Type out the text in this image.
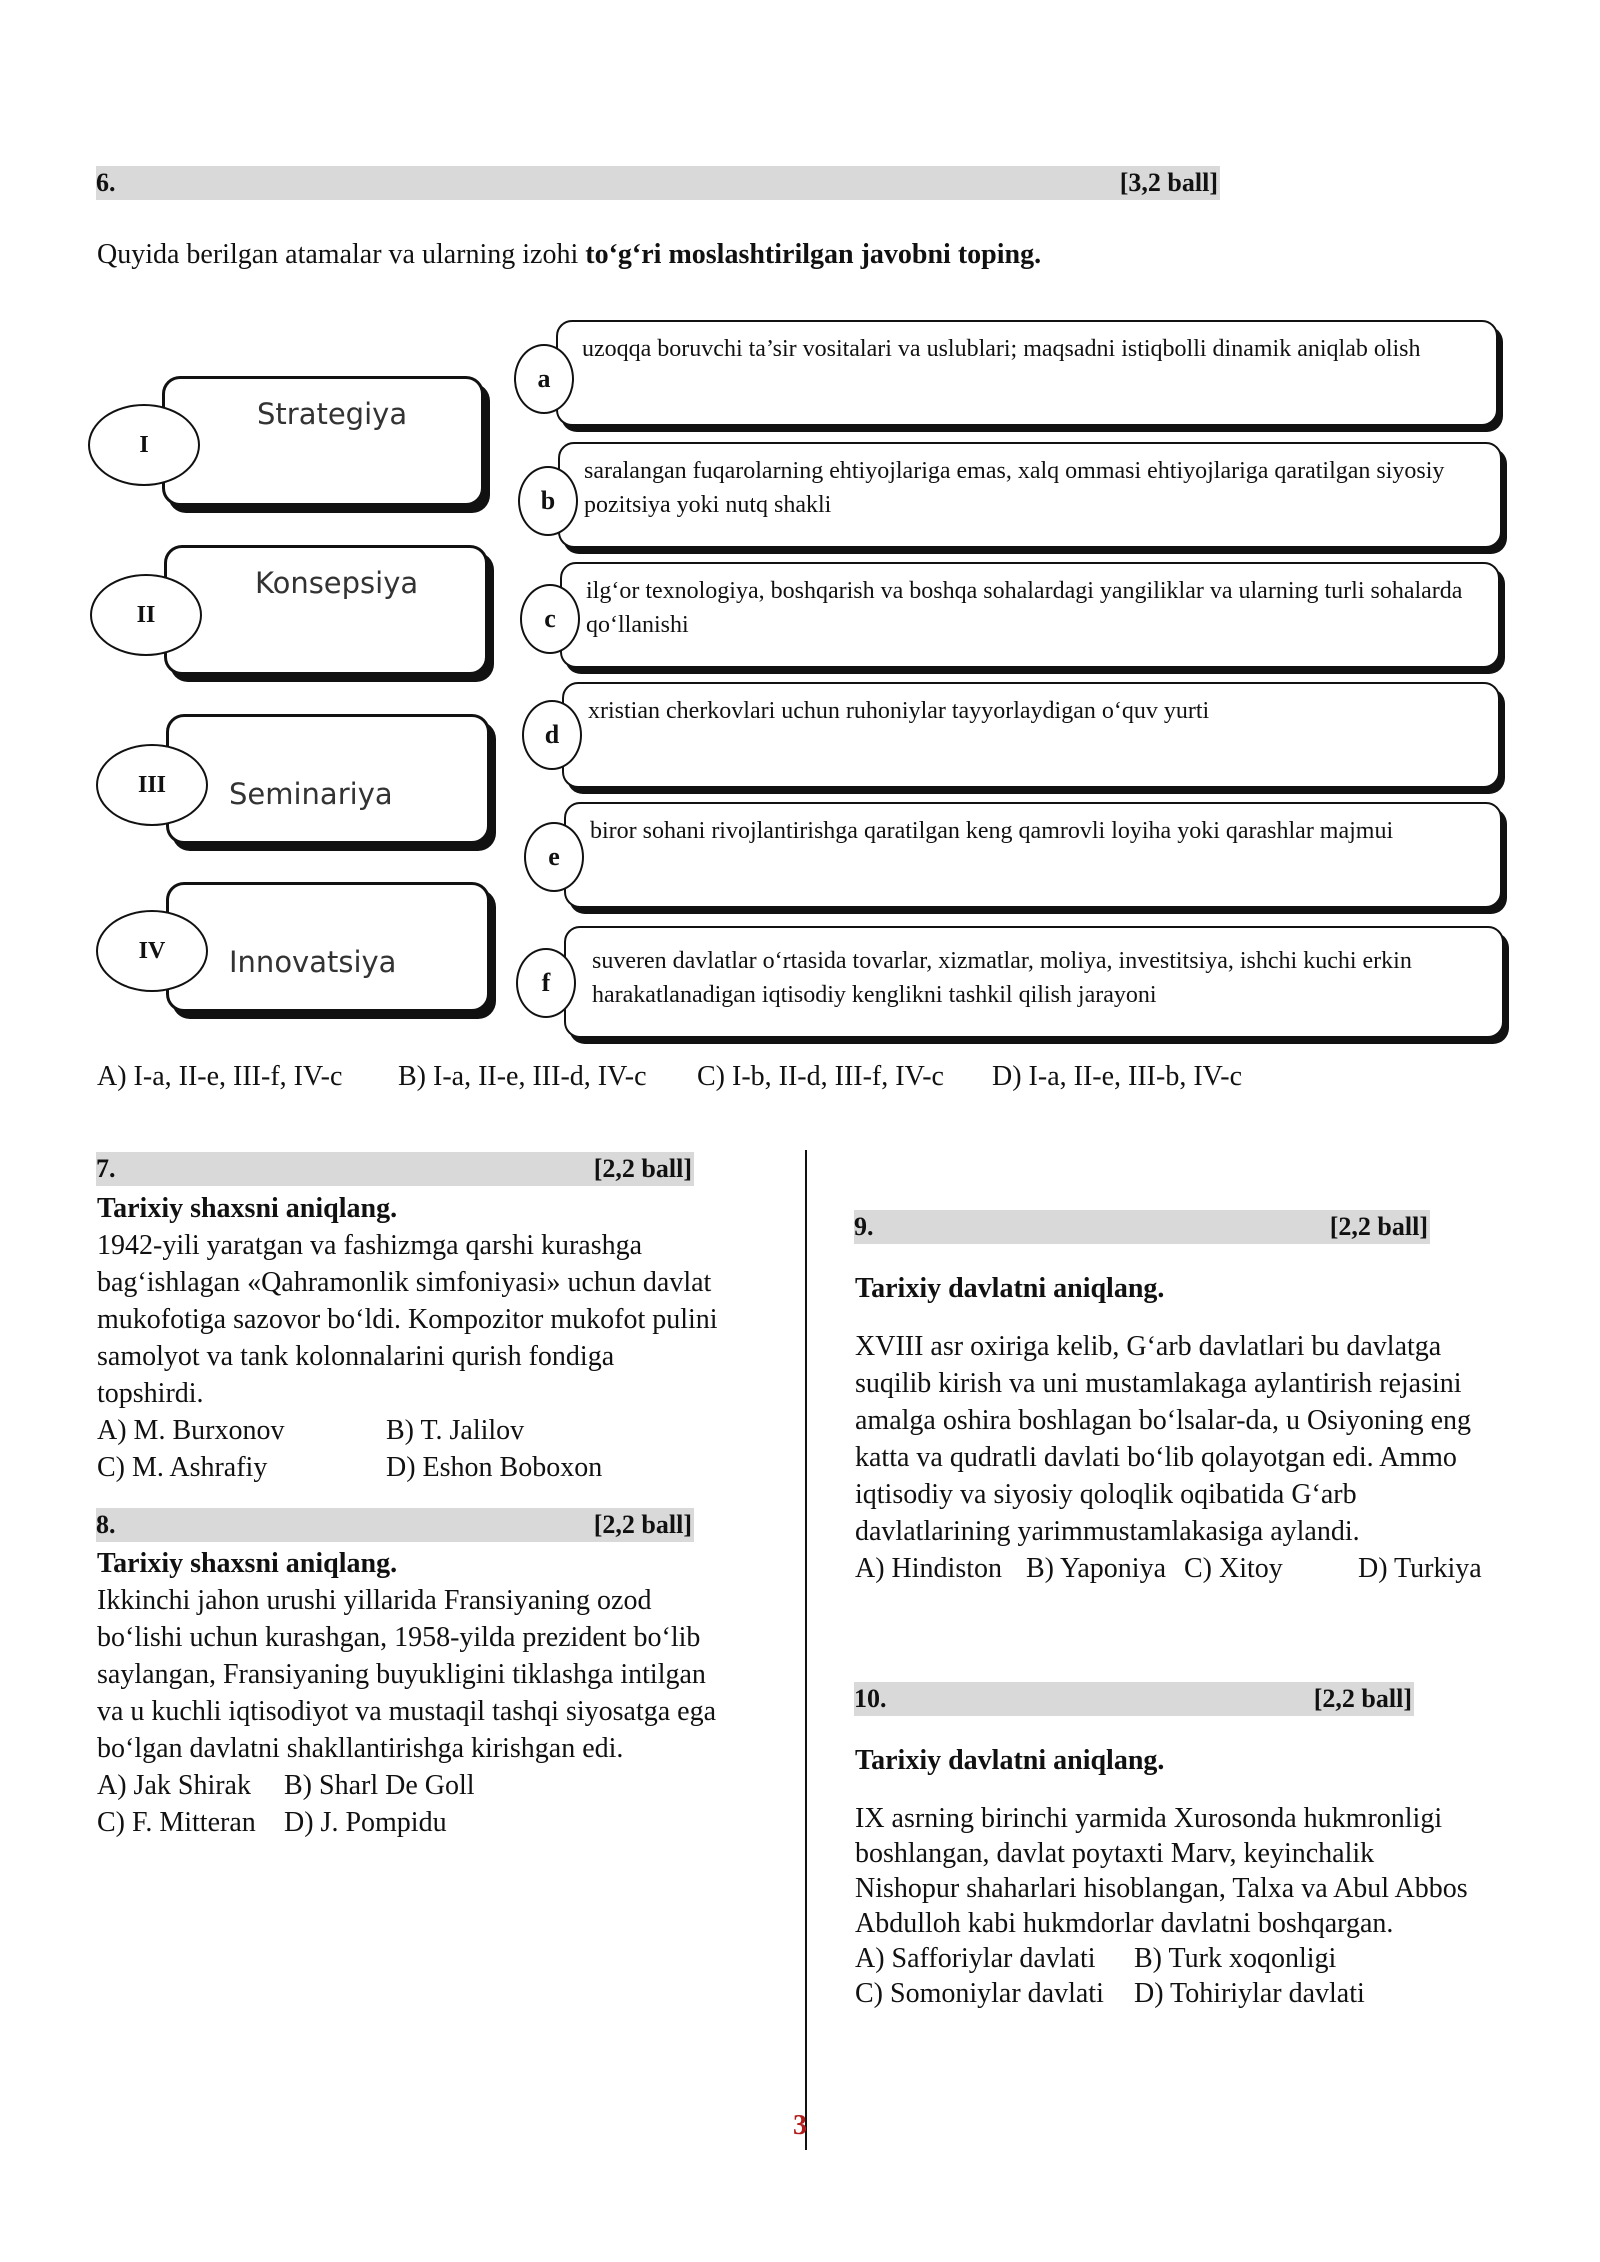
6.	[3,2 ball]
Quyida berilgan atamalar va ularning izohi to‘g‘ri moslashtirilgan javobni toping.
Strategiya
I
Konsepsiya
II
Seminariya
III
Innovatsiya
IV
uzoqqa boruvchi ta’sir vositalari va uslublari; maqsadni istiqbolli dinamik aniqlab olish
a
saralangan fuqarolarning ehtiyojlariga emas, xalq ommasi ehtiyojlariga qaratilgan siyosiy pozitsiya yoki nutq shakli
b
ilg‘or texnologiya, boshqarish va boshqa sohalardagi yangiliklar va ularning turli sohalarda qo‘llanishi
c
xristian cherkovlari uchun ruhoniylar tayyorlaydigan o‘quv yurti
d
biror sohani rivojlantirishga qaratilgan keng qamrovli loyiha yoki qarashlar majmui
e
suveren davlatlar o‘rtasida tovarlar, xizmatlar, moliya, investitsiya, ishchi kuchi erkin harakatlanadigan iqtisodiy kenglikni tashkil qilish jarayoni
f
A) I-a, II-e, III-f, IV-c B) I-a, II-e, III-d, IV-c C) I-b, II-d, III-f, IV-c D) I-a, II-e, III-b, IV-c
7.	[2,2 ball]
Tarixiy shaxsni aniqlang.
1942-yili yaratgan va fashizmga qarshi kurashga
bag‘ishlagan «Qahramonlik simfoniyasi» uchun davlat
mukofotiga sazovor bo‘ldi. Kompozitor mukofot pulini
samolyot va tank kolonnalarini qurish fondiga
topshirdi.
A) M. Burxonov	B) T. Jalilov
C) M. Ashrafiy	D) Eshon Boboxon
8.	[2,2 ball]
Tarixiy shaxsni aniqlang.
Ikkinchi jahon urushi yillarida Fransiyaning ozod
bo‘lishi uchun kurashgan, 1958-yilda prezident bo‘lib
saylangan, Fransiyaning buyukligini tiklashga intilgan
va u kuchli iqtisodiyot va mustaqil tashqi siyosatga ega
bo‘lgan davlatni shakllantirishga kirishgan edi.
A) Jak Shirak B) Sharl De Goll
C) F. Mitteran D) J. Pompidu
9.	[2,2 ball]
Tarixiy davlatni aniqlang.
XVIII asr oxiriga kelib, G‘arb davlatlari bu davlatga
suqilib kirish va uni mustamlakaga aylantirish rejasini
amalga oshira boshlagan bo‘lsalar-da, u Osiyoning eng
katta va qudratli davlati bo‘lib qolayotgan edi. Ammo
iqtisodiy va siyosiy qoloqlik oqibatida G‘arb
davlatlarining yarimmustamlakasiga aylandi.
A) Hindiston B) Yaponiya C) Xitoy	D) Turkiya
10.	[2,2 ball]
Tarixiy davlatni aniqlang.
IX asrning birinchi yarmida Xurosonda hukmronligi
boshlangan, davlat poytaxti Marv, keyinchalik
Nishopur shaharlari hisoblangan, Talxa va Abul Abbos
Abdulloh kabi hukmdorlar davlatni boshqargan.
A) Safforiylar davlati B) Turk xoqonligi
C) Somoniylar davlati D) Tohiriylar davlati
3
